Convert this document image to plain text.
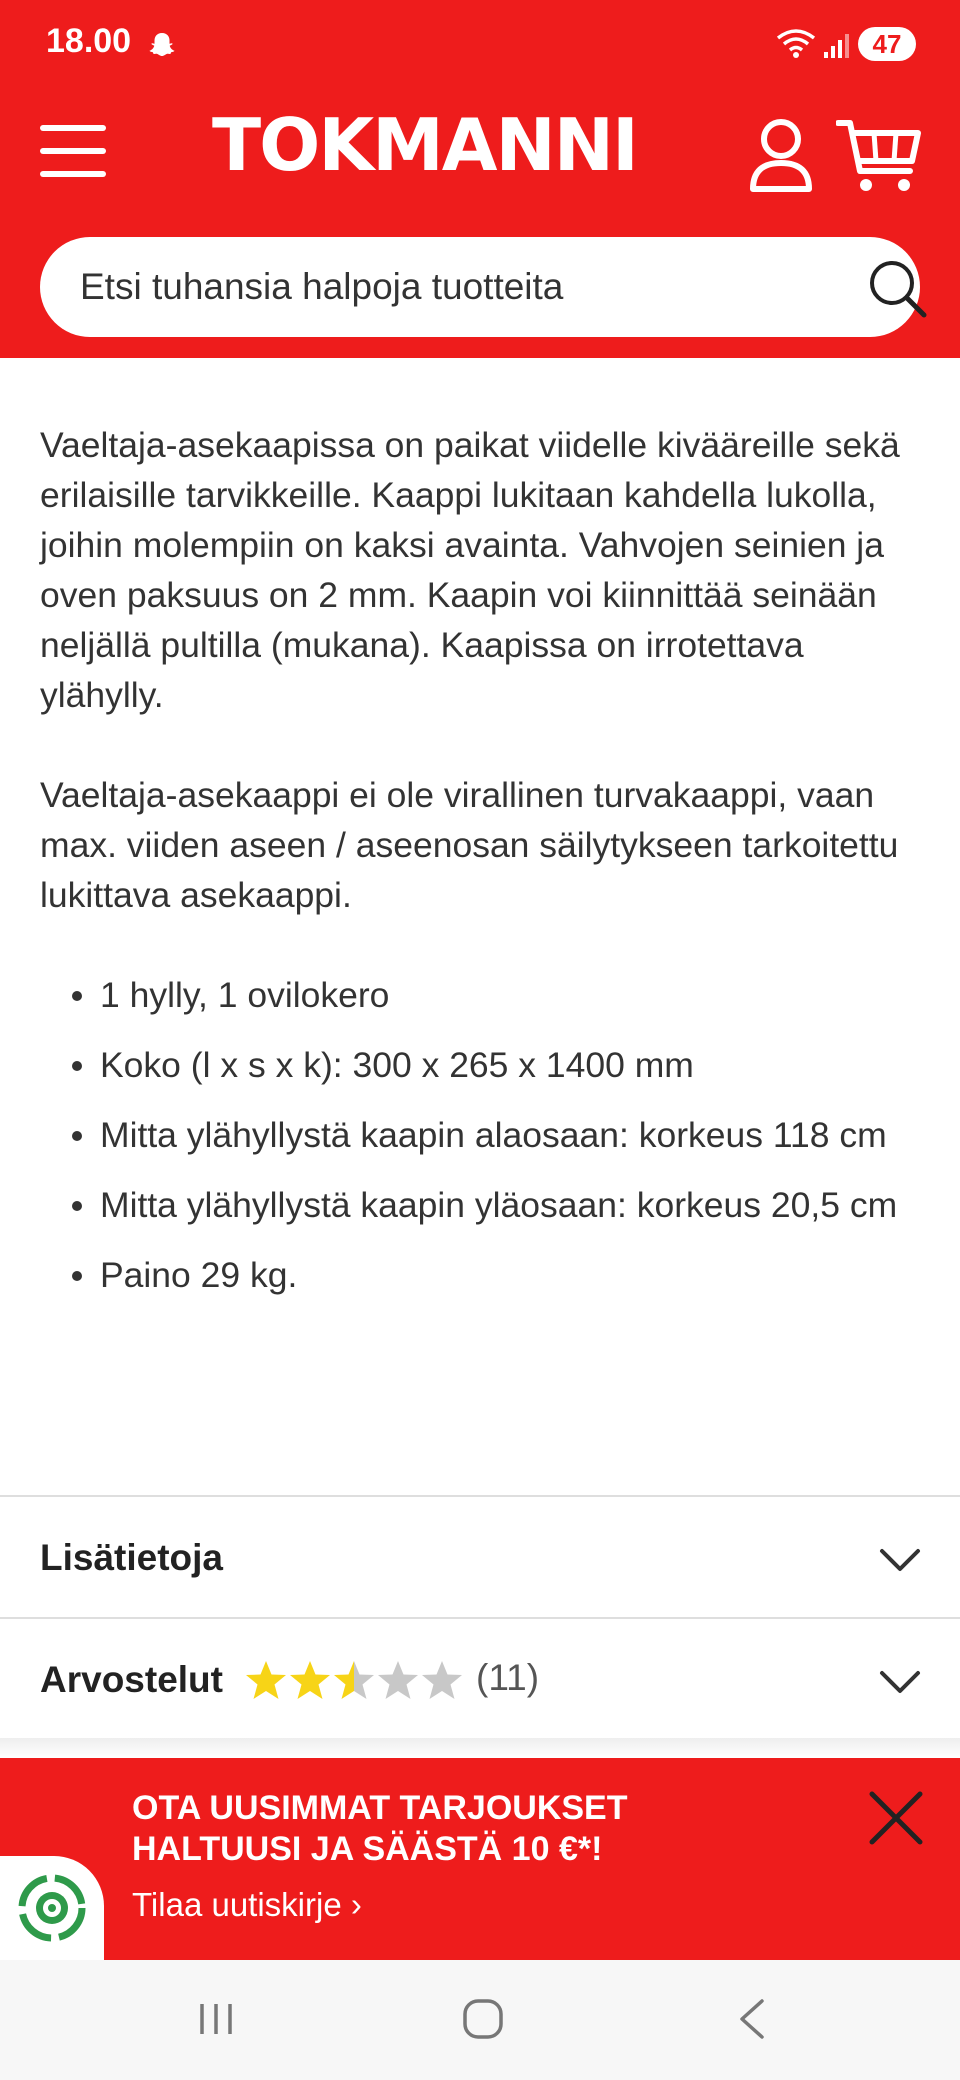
18.00	47
TOKMANNI
Etsi tuhansia halpoja tuotteita

Vaeltaja-asekaapissa on paikat viidelle kivääreille sekä erilaisille tarvikkeille. Kaappi lukitaan kahdella lukolla, joihin molempiin on kaksi avainta. Vahvojen seinien ja oven paksuus on 2 mm. Kaapin voi kiinnittää seinään neljällä pultilla (mukana). Kaapissa on irrotettava ylähylly.

Vaeltaja-asekaappi ei ole virallinen turvakaappi, vaan max. viiden aseen / aseenosan säilytykseen tarkoitettu lukittava asekaappi.

1 hylly, 1 ovilokero
Koko (l x s x k): 300 x 265 x 1400 mm
Mitta ylähyllystä kaapin alaosaan: korkeus 118 cm
Mitta ylähyllystä kaapin yläosaan: korkeus 20,5 cm
Paino 29 kg.
Lisätietoja
Arvostelut	(11)
OTA UUSIMMAT TARJOUKSET HALTUUSI JA SÄÄSTÄ 10 €*!
Tilaa uutiskirje ›
